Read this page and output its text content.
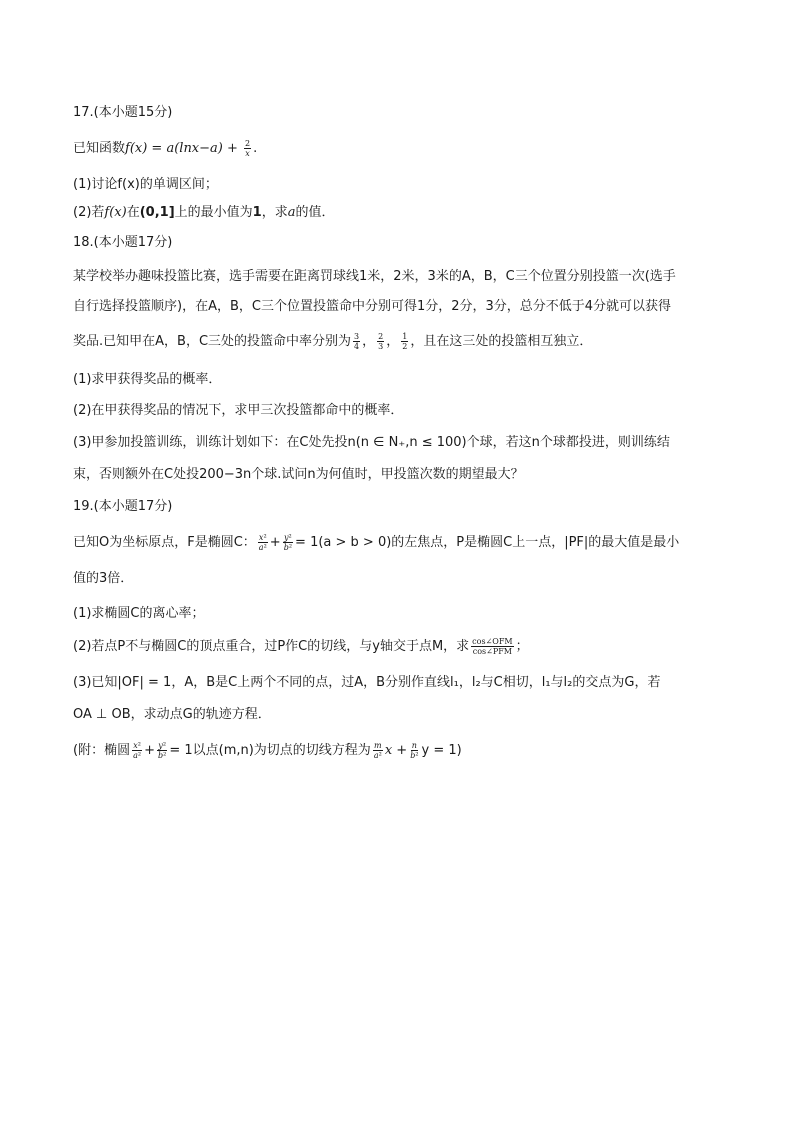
17.(本小题15分)
已知函数$f(x) = a(\ln x-a) + \frac{2}{x}$ .
(1)讨论f(x)的单调区间；
(2)若f(x)在(0,1]上的最小值为1，求a的值．
18.(本小题17分)
某学校举办趣味投篮比赛，选手需要在距离罚球线1米，2米，3米的A，B，C三个位置分别投篮一次(选手
自行选择投篮顺序)，在A，B，C三个位置投篮命中分别可得1分，2分，3分，总分不低于4分就可以获得
奖品.已知甲在A，B，C三处的投篮命中率分别为 $\frac{3}{4}$ ， $\frac{2}{3}$ ， $\frac{1}{2}$ ，且在这三处的投篮相互独立．
(1)求甲获得奖品的概率．
(2)在甲获得奖品的情况下，求甲三次投篮都命中的概率．
(3)甲参加投篮训练，训练计划如下：在C处先投n(n ∈ N₊,n ≤ 100)个球，若这n个球都投进，则训练结
束，否则额外在C处投200−3n个球.试问n为何值时，甲投篮次数的期望最大？
19.(本小题17分)
已知O为坐标原点，F是椭圆C： $\frac{\text{x²}}{\text{a²}} + \frac{\text{y²}}{\text{b²}} = 1(a > b > 0)$的左焦点，P是椭圆C上一点，|PF|的最大值是最小
值的3倍．
(1)求椭圆C的离心率；
(2)若点P不与椭圆C的顶点重合，过P作C的切线，与y轴交于点M，求 $\frac{\text{cos∠OFM}}{\text{cos∠PFM}}$ ；
(3)已知|OF| = 1，A，B是C上两个不同的点，过A，B分别作直线l₁，l₂与C相切，l₁与l₂的交点为G，若
OA ⊥ OB，求动点G的轨迹方程．
(附：椭圆 $\frac{\text{x²}}{\text{a²}} + \frac{\text{y²}}{\text{b²}} = 1$以点(m,n)为切点的切线方程为 $\frac{m}{\text{a²}}$ $x + \frac{n}{\text{b²}}$ y = 1)
